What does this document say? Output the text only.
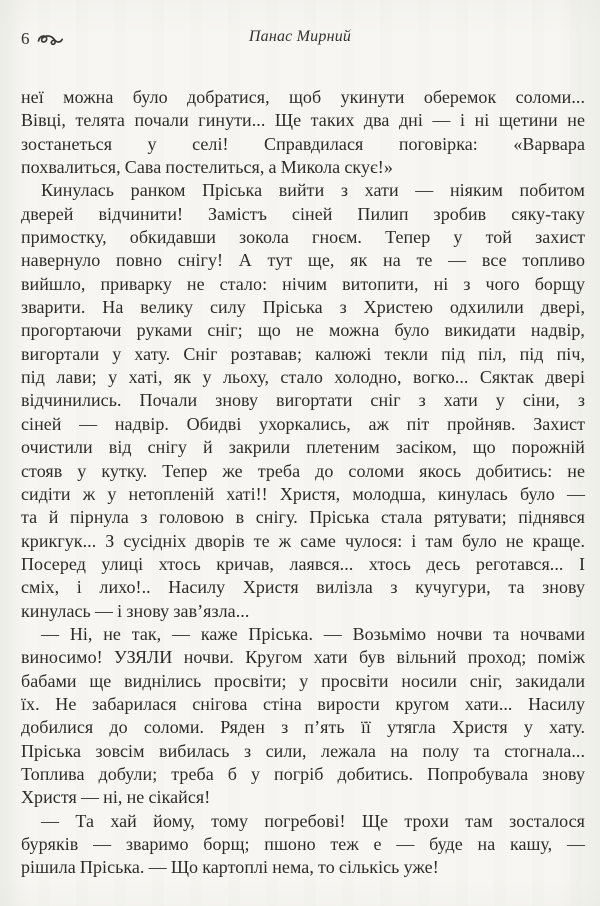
6	Панас Мирний
неї можна було добратися, щоб укинути оберемок соломи...
Вівці, телята почали гинути... Ще таких два дні — і ні щетини не
зостанеться у селі! Справдилася поговірка: «Варвара
похвалиться, Сава постелиться, а Микола скує!»
Кинулась ранком Пріська вийти з хати — ніяким побитом
дверей відчинити! Замістъ сіней Пилип зробив сяку-таку
примостку, обкидавши зокола гноєм. Тепер у той захист
навернуло повно снігу! А тут ще, як на те — все топливо
вийшло, приварку не стало: нічим витопити, ні з чого борщу
зварити. На велику силу Пріська з Христею одхилили двері,
прогортаючи руками сніг; що не можна було викидати надвір,
вигортали у хату. Сніг розтавав; калюжі текли під піл, під піч,
під лави; у хаті, як у льоху, стало холодно, вогко... Сяктак двері
відчинились. Почали знову вигортати сніг з хати у сіни, з
сіней — надвір. Обидві ухоркались, аж піт пройняв. Захист
очистили від снігу й закрили плетеним засіком, що порожній
стояв у кутку. Тепер же треба до соломи якось добитись: не
сидіти ж у нетопленій хаті!! Христя, молодша, кинулась було —
та й пірнула з головою в снігу. Пріська стала рятувати; піднявся
крикгук... З сусідніх дворів те ж саме чулося: і там було не краще.
Посеред улиці хтось кричав, лаявся... хтось десь реготався... І
сміх, і лихо!.. Насилу Христя вилізла з кучугури, та знову
кинулась — і знову зав’язла...
— Ні, не так, — каже Пріська. — Возьмімо ночви та ночвами
виносимо! УЗЯЛИ ночви. Кругом хати був вільний проход; поміж
бабами ще виднілись просвіти; у просвіти носили сніг, закидали
їх. Не забарилася снігова стіна вирости кругом хати... Насилу
добилися до соломи. Ряден з п’ять її утягла Христя у хату.
Пріська зовсім вибилась з сили, лежала на полу та стогнала...
Топлива добули; треба б у погріб добитись. Попробувала знову
Христя — ні, не сікайся!
— Та хай йому, тому погребові! Ще трохи там зосталося
буряків — зваримо борщ; пшоно теж е — буде на кашу, —
рішила Пріська. — Що картоплі нема, то сількісь уже!
